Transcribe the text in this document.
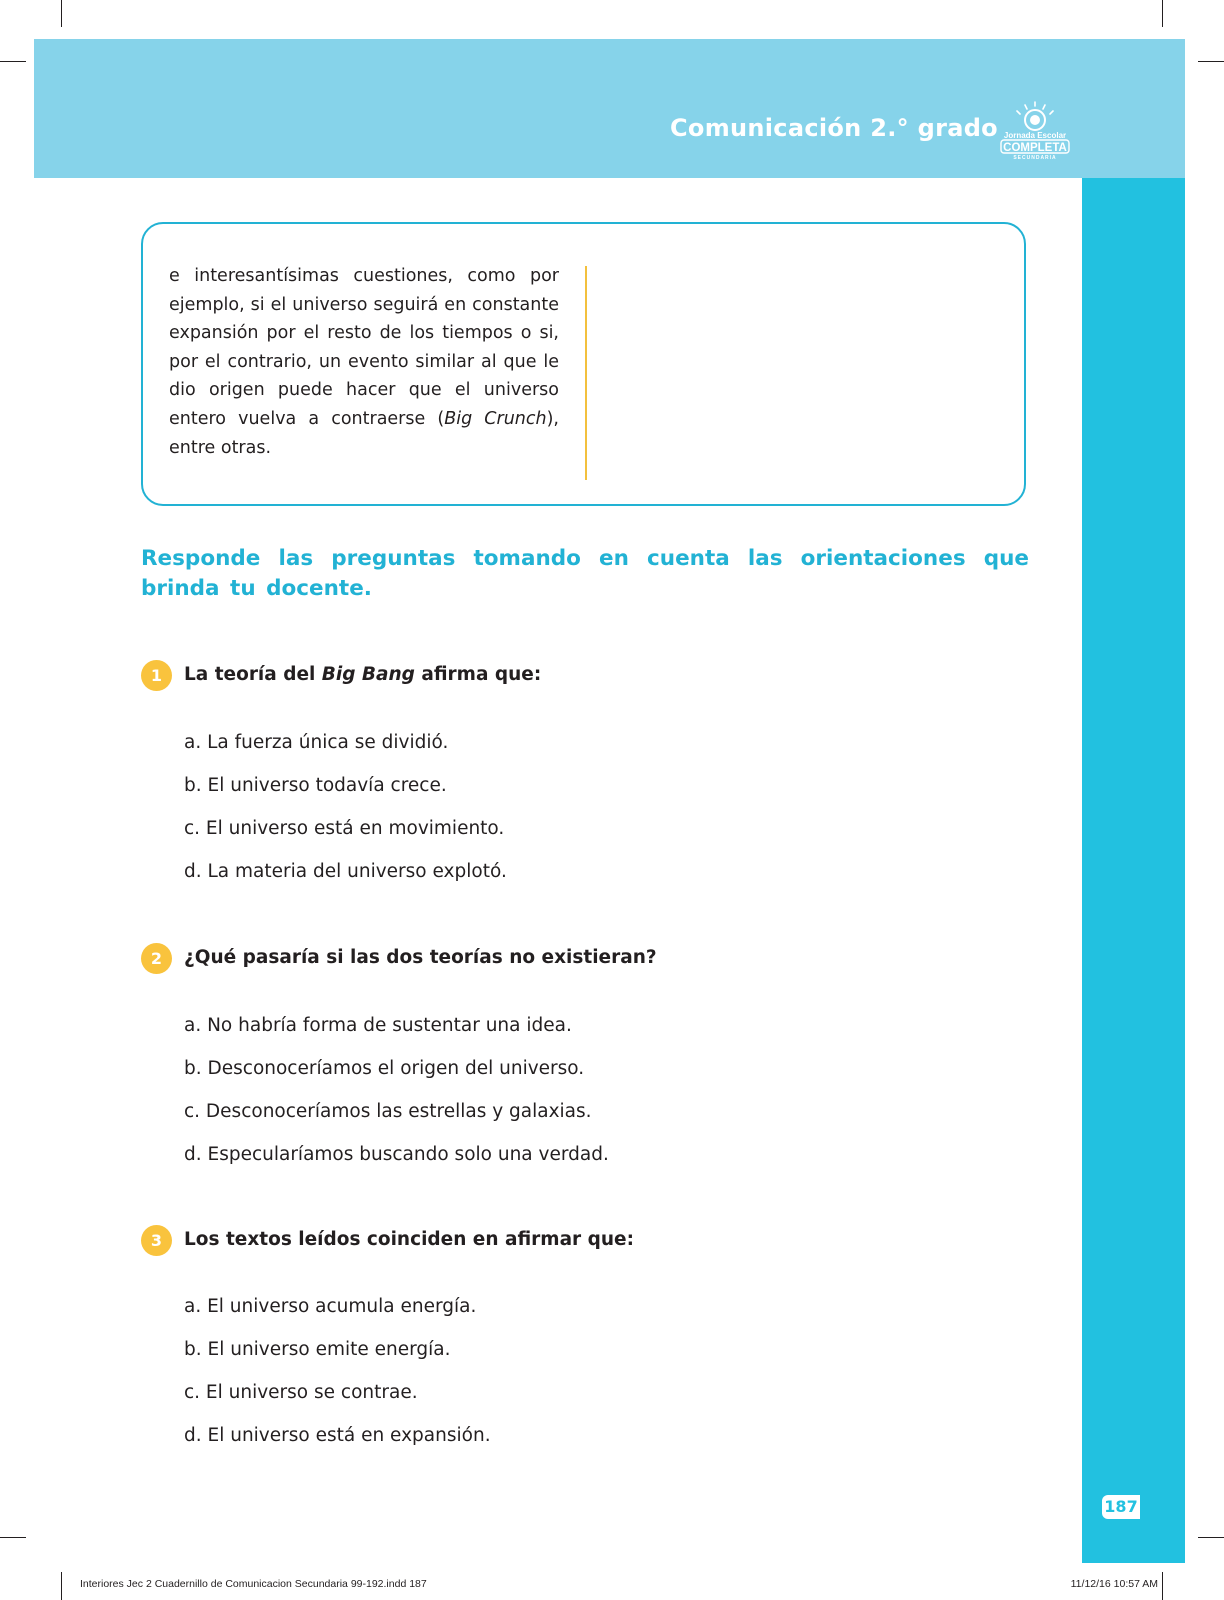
Comunicación 2.° grado Jornada Escolar
COMPLETA
SECUNDARIA
187

e interesantísimas cuestiones, como por ejemplo, si el universo seguirá en constante expansión por el resto de los tiempos o si, por el contrario, un evento similar al que le dio origen puede hacer que el universo entero vuelva a contraerse (Big Crunch), entre otras.

Responde las preguntas tomando en cuenta las orientaciones que brinda tu docente.

1	La teoría del Big Bang afirma que:
a. La fuerza única se dividió.
b. El universo todavía crece.
c. El universo está en movimiento.
d. La materia del universo explotó.
2	¿Qué pasaría si las dos teorías no existieran?
a. No habría forma de sustentar una idea.
b. Desconoceríamos el origen del universo.
c. Desconoceríamos las estrellas y galaxias.
d. Especularíamos buscando solo una verdad.
3	Los textos leídos coinciden en afirmar que:
a. El universo acumula energía.
b. El universo emite energía.
c. El universo se contrae.
d. El universo está en expansión.
Interiores Jec 2 Cuadernillo de Comunicacion Secundaria 99-192.indd 187	11/12/16 10:57 AM
